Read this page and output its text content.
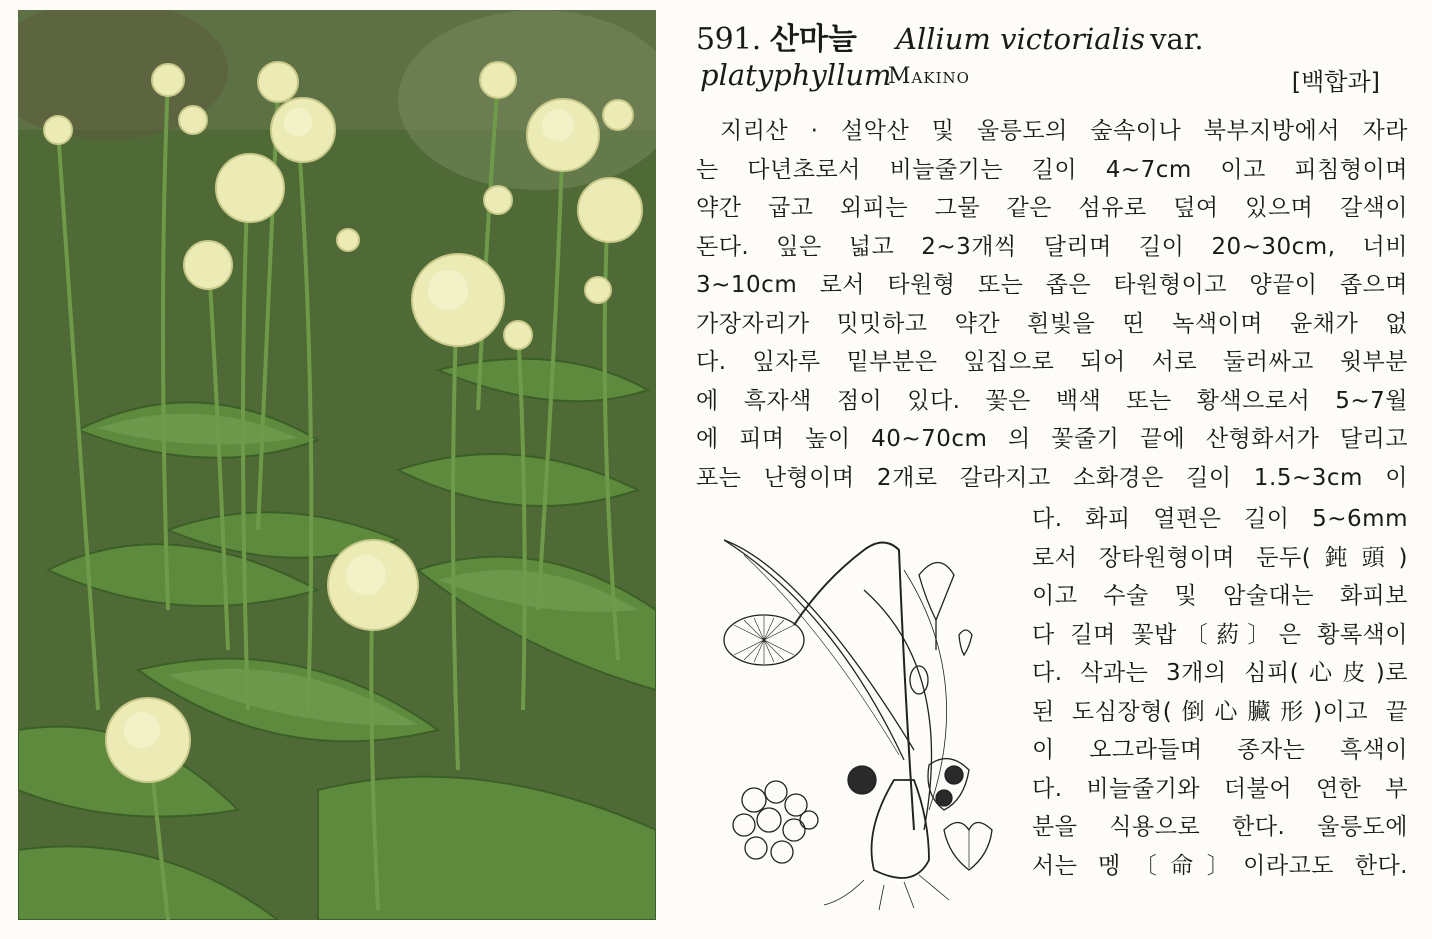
591. 산마늘 Allium victorialis var. platyphyllum
Makino	[백합과]
지리산 · 설악산 및 울릉도의 숲속이나 북부지방에서 자라
는 다년초로서 비늘줄기는 길이 4~7cm 이고 피침형이며
약간 굽고 외피는 그물 같은 섬유로 덮여 있으며 갈색이
돈다. 잎은 넓고 2~3개씩 달리며 길이 20~30cm, 너비
3~10cm 로서 타원형 또는 좁은 타원형이고 양끝이 좁으며
가장자리가 밋밋하고 약간 흰빛을 띤 녹색이며 윤채가 없
다. 잎자루 밑부분은 잎집으로 되어 서로 둘러싸고 윗부분
에 흑자색 점이 있다. 꽃은 백색 또는 황색으로서 5~7월
에 피며 높이 40~70cm 의 꽃줄기 끝에 산형화서가 달리고
포는 난형이며 2개로 갈라지고 소화경은 길이 1.5~3cm 이
다. 화피 열편은 길이 5~6mm
로서 장타원형이며 둔두(鈍頭)
이고 수술 및 암술대는 화피보
다 길며 꽃밥〔葯〕은 황록색이
다. 삭과는 3개의 심피(心皮)로
된 도심장형(倒心臟形)이고 끝
이 오그라들며 종자는 흑색이
다. 비늘줄기와 더불어 연한 부
분을 식용으로 한다. 울릉도에
서는 멩〔命〕이라고도 한다.
